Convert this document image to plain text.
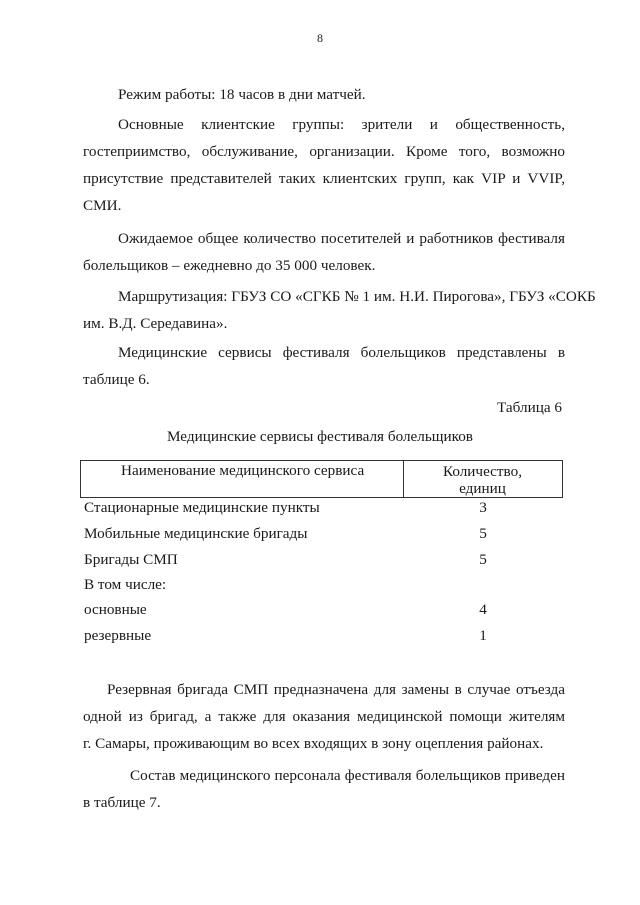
8
Режим работы: 18 часов в дни матчей.
Основные клиентские группы: зрители и общественность,
гостеприимство, обслуживание, организации. Кроме того, возможно
присутствие представителей таких клиентских групп, как VIP и VVIP,
СМИ.
Ожидаемое общее количество посетителей и работников фестиваля
болельщиков – ежедневно до 35 000 человек.
Маршрутизация: ГБУЗ СО «СГКБ № 1 им. Н.И. Пирогова», ГБУЗ «СОКБ
им. В.Д. Середавина».
Медицинские сервисы фестиваля болельщиков представлены в
таблице 6.
Таблица 6
Медицинские сервисы фестиваля болельщиков
Наименование медицинского сервиса	Количество,
единиц
Стационарные медицинские пункты	3
Мобильные медицинские бригады	5
Бригады СМП	5
В том числе:
основные	4
резервные	1
Резервная бригада СМП предназначена для замены в случае отъезда
одной из бригад, а также для оказания медицинской помощи жителям
г. Самары, проживающим во всех входящих в зону оцепления районах.
Состав медицинского персонала фестиваля болельщиков приведен
в таблице 7.
